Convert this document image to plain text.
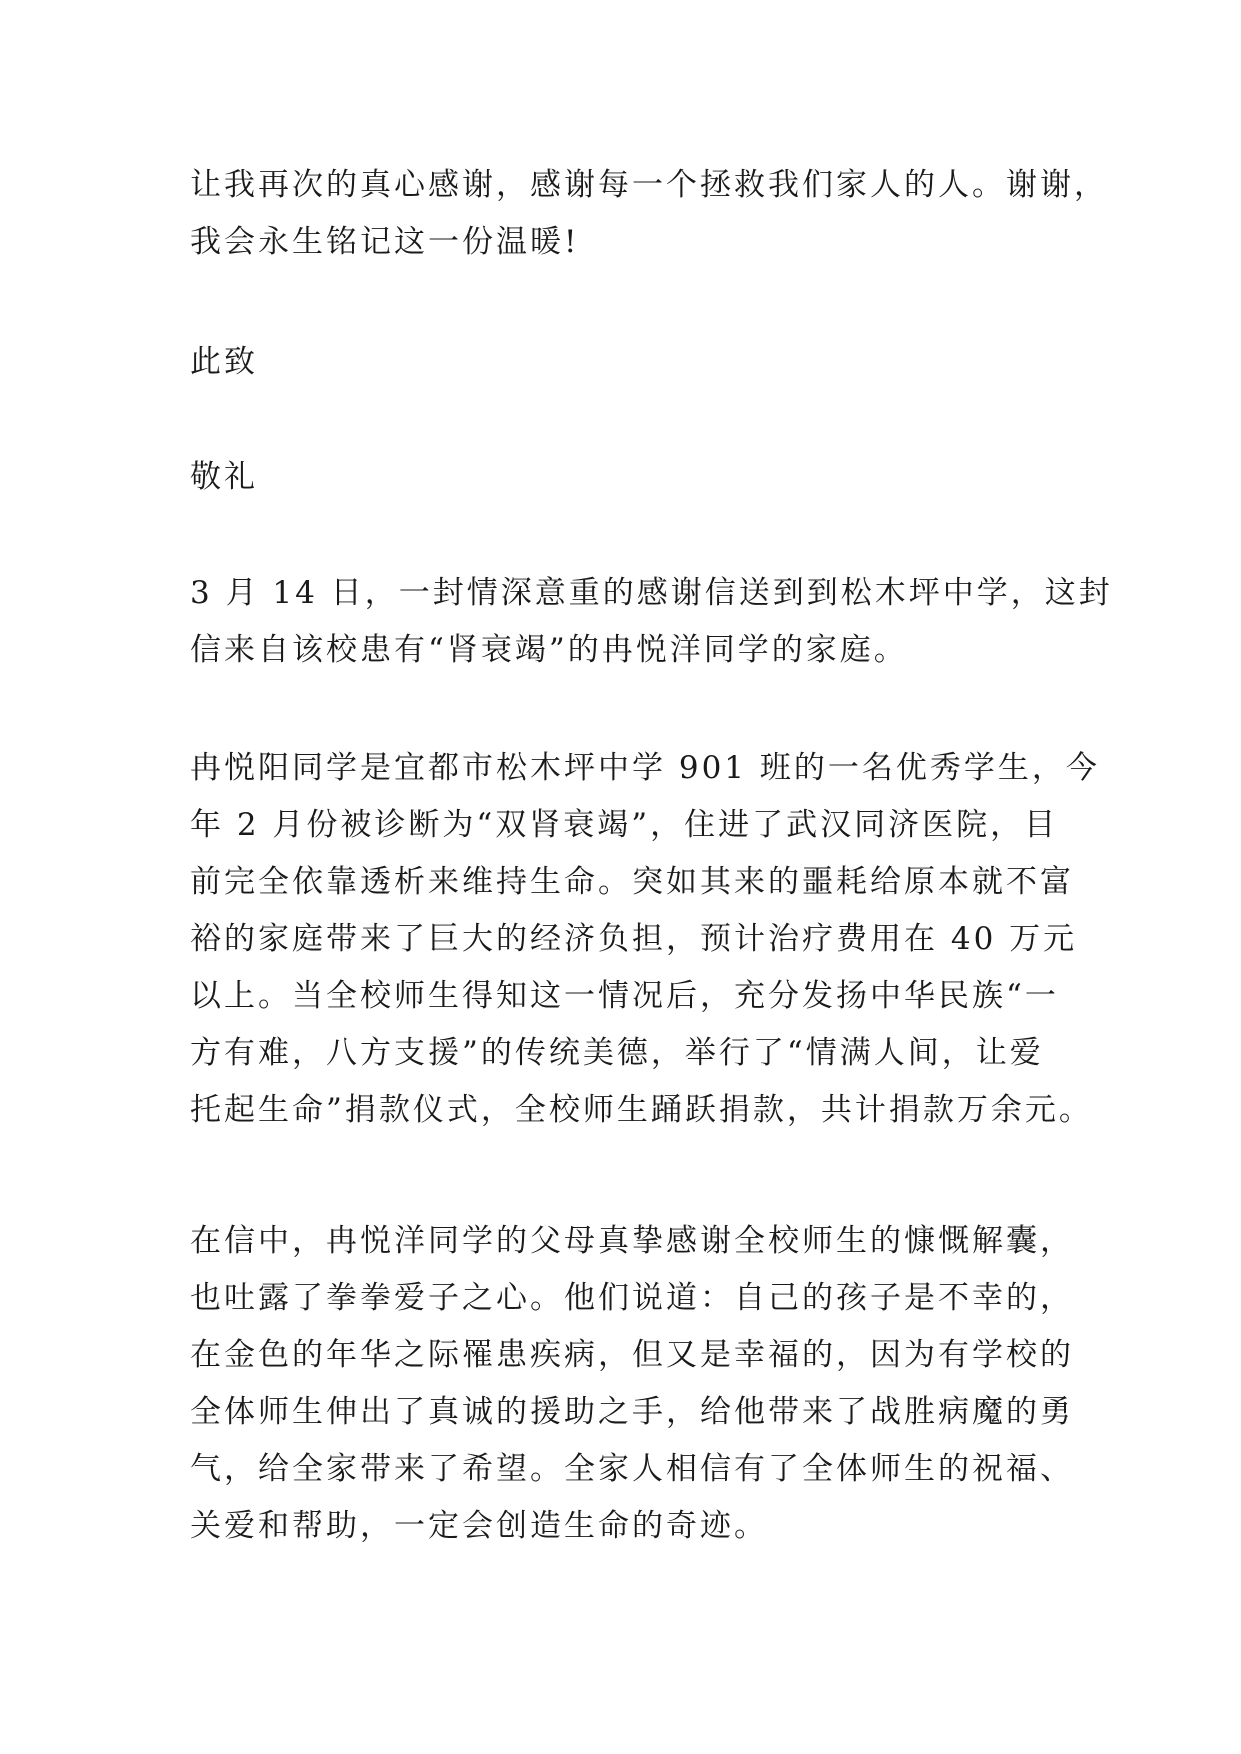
让我再次的真心感谢，感谢每一个拯救我们家人的人。谢谢，
我会永生铭记这一份温暖!
此致
敬礼
3 月 14 日，一封情深意重的感谢信送到到松木坪中学，这封
信来自该校患有“肾衰竭”的冉悦洋同学的家庭。
冉悦阳同学是宜都市松木坪中学 901 班的一名优秀学生，今
年 2 月份被诊断为“双肾衰竭”，住进了武汉同济医院，目
前完全依靠透析来维持生命。突如其来的噩耗给原本就不富
裕的家庭带来了巨大的经济负担，预计治疗费用在 40 万元
以上。当全校师生得知这一情况后，充分发扬中华民族“一
方有难，八方支援”的传统美德，举行了“情满人间，让爱
托起生命”捐款仪式，全校师生踊跃捐款，共计捐款万余元。
在信中，冉悦洋同学的父母真挚感谢全校师生的慷慨解囊，
也吐露了拳拳爱子之心。他们说道：自己的孩子是不幸的，
在金色的年华之际罹患疾病，但又是幸福的，因为有学校的
全体师生伸出了真诚的援助之手，给他带来了战胜病魔的勇
气，给全家带来了希望。全家人相信有了全体师生的祝福、
关爱和帮助，一定会创造生命的奇迹。
